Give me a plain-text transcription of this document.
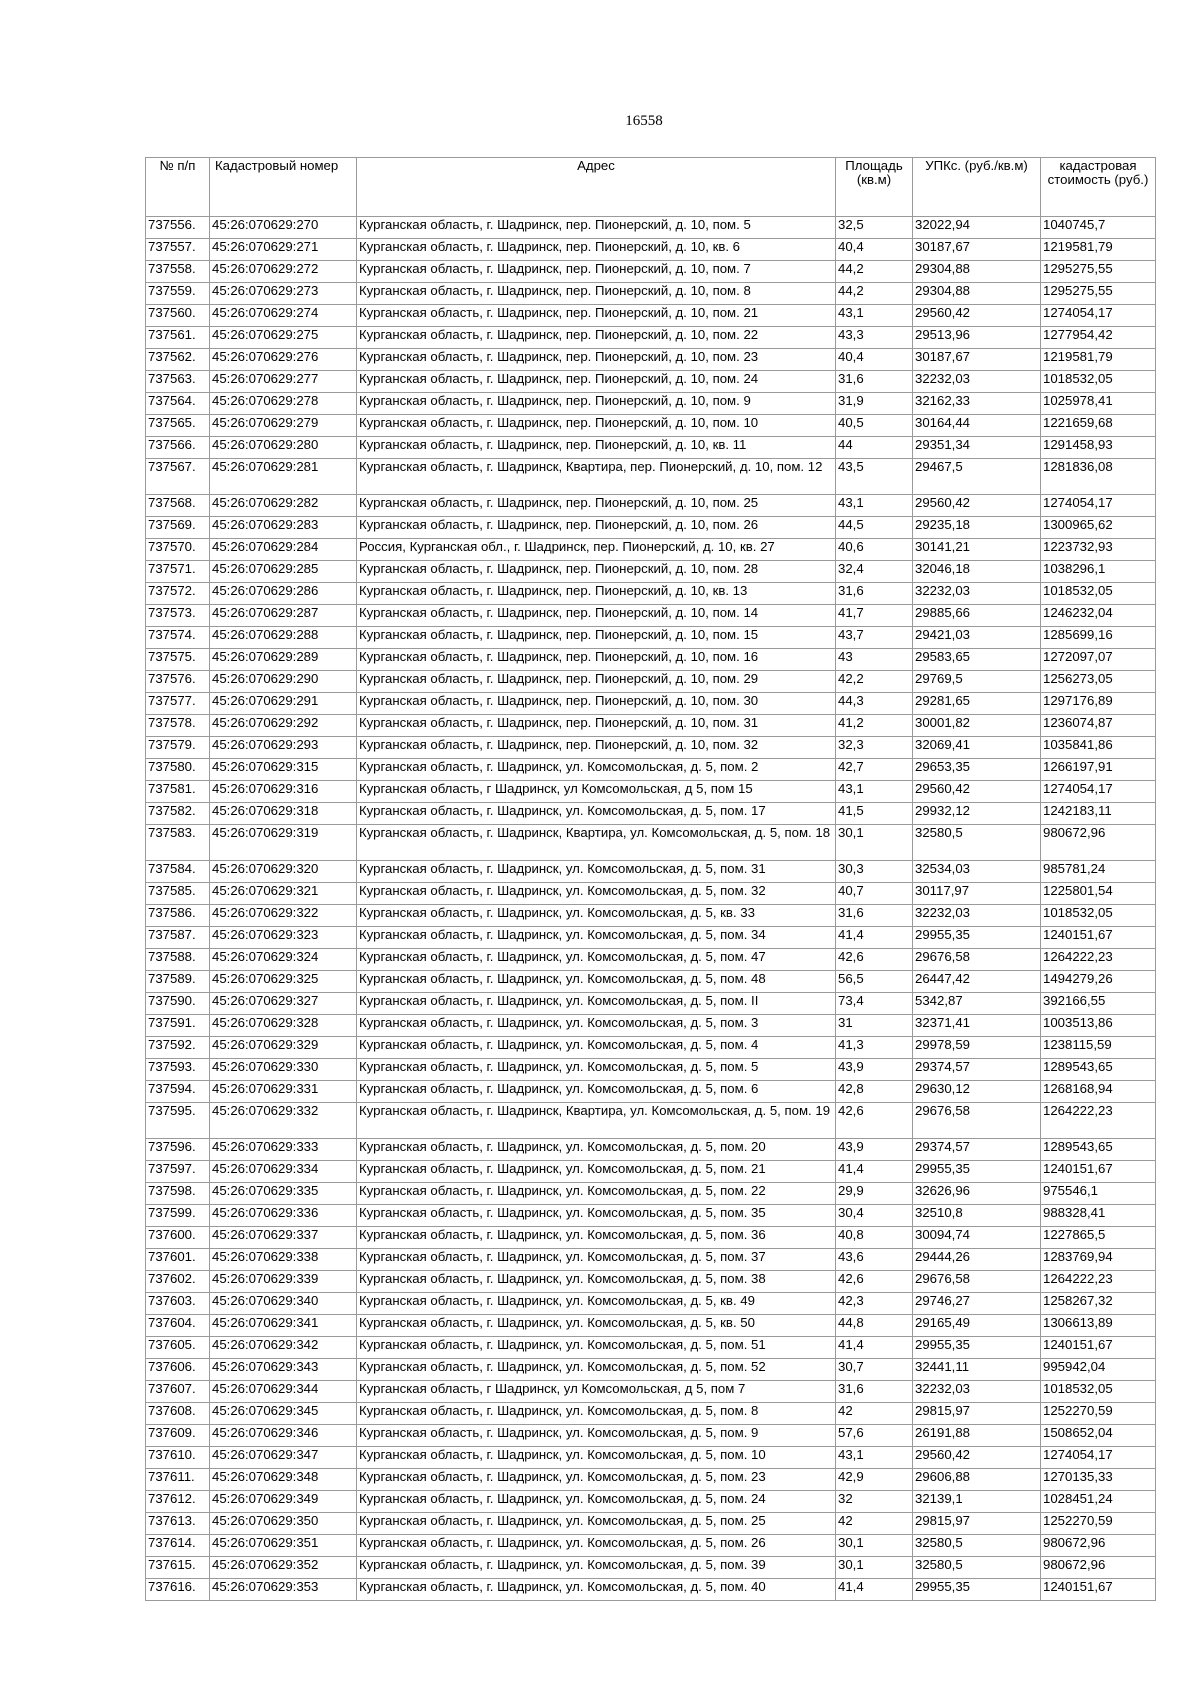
16558
№ п/п	Кадастровый номер	Адрес	Площадь (кв.м)	УПКс. (руб./кв.м)	кадастровая стоимость (руб.)
737556.	45:26:070629:270	Курганская область, г. Шадринск, пер. Пионерский, д. 10, пом. 5	32,5	32022,94	1040745,7
737557.	45:26:070629:271	Курганская область, г. Шадринск, пер. Пионерский, д. 10, кв. 6	40,4	30187,67	1219581,79
737558.	45:26:070629:272	Курганская область, г. Шадринск, пер. Пионерский, д. 10, пом. 7	44,2	29304,88	1295275,55
737559.	45:26:070629:273	Курганская область, г. Шадринск, пер. Пионерский, д. 10, пом. 8	44,2	29304,88	1295275,55
737560.	45:26:070629:274	Курганская область, г. Шадринск, пер. Пионерский, д. 10, пом. 21	43,1	29560,42	1274054,17
737561.	45:26:070629:275	Курганская область, г. Шадринск, пер. Пионерский, д. 10, пом. 22	43,3	29513,96	1277954,42
737562.	45:26:070629:276	Курганская область, г. Шадринск, пер. Пионерский, д. 10, пом. 23	40,4	30187,67	1219581,79
737563.	45:26:070629:277	Курганская область, г. Шадринск, пер. Пионерский, д. 10, пом. 24	31,6	32232,03	1018532,05
737564.	45:26:070629:278	Курганская область, г. Шадринск, пер. Пионерский, д. 10, пом. 9	31,9	32162,33	1025978,41
737565.	45:26:070629:279	Курганская область, г. Шадринск, пер. Пионерский, д. 10, пом. 10	40,5	30164,44	1221659,68
737566.	45:26:070629:280	Курганская область, г. Шадринск, пер. Пионерский, д. 10, кв. 11	44	29351,34	1291458,93
737567.	45:26:070629:281	Курганская область, г. Шадринск, Квартира, пер. Пионерский, д. 10, пом. 12	43,5	29467,5	1281836,08
737568.	45:26:070629:282	Курганская область, г. Шадринск, пер. Пионерский, д. 10, пом. 25	43,1	29560,42	1274054,17
737569.	45:26:070629:283	Курганская область, г. Шадринск, пер. Пионерский, д. 10, пом. 26	44,5	29235,18	1300965,62
737570.	45:26:070629:284	Россия, Курганская обл., г. Шадринск, пер. Пионерский, д. 10, кв. 27	40,6	30141,21	1223732,93
737571.	45:26:070629:285	Курганская область, г. Шадринск, пер. Пионерский, д. 10, пом. 28	32,4	32046,18	1038296,1
737572.	45:26:070629:286	Курганская область, г. Шадринск, пер. Пионерский, д. 10, кв. 13	31,6	32232,03	1018532,05
737573.	45:26:070629:287	Курганская область, г. Шадринск, пер. Пионерский, д. 10, пом. 14	41,7	29885,66	1246232,04
737574.	45:26:070629:288	Курганская область, г. Шадринск, пер. Пионерский, д. 10, пом. 15	43,7	29421,03	1285699,16
737575.	45:26:070629:289	Курганская область, г. Шадринск, пер. Пионерский, д. 10, пом. 16	43	29583,65	1272097,07
737576.	45:26:070629:290	Курганская область, г. Шадринск, пер. Пионерский, д. 10, пом. 29	42,2	29769,5	1256273,05
737577.	45:26:070629:291	Курганская область, г. Шадринск, пер. Пионерский, д. 10, пом. 30	44,3	29281,65	1297176,89
737578.	45:26:070629:292	Курганская область, г. Шадринск, пер. Пионерский, д. 10, пом. 31	41,2	30001,82	1236074,87
737579.	45:26:070629:293	Курганская область, г. Шадринск, пер. Пионерский, д. 10, пом. 32	32,3	32069,41	1035841,86
737580.	45:26:070629:315	Курганская область, г. Шадринск, ул. Комсомольская, д. 5, пом. 2	42,7	29653,35	1266197,91
737581.	45:26:070629:316	Курганская область, г Шадринск, ул Комсомольская, д 5, пом 15	43,1	29560,42	1274054,17
737582.	45:26:070629:318	Курганская область, г. Шадринск, ул. Комсомольская, д. 5, пом. 17	41,5	29932,12	1242183,11
737583.	45:26:070629:319	Курганская область, г. Шадринск, Квартира, ул. Комсомольская, д. 5, пом. 18	30,1	32580,5	980672,96
737584.	45:26:070629:320	Курганская область, г. Шадринск, ул. Комсомольская, д. 5, пом. 31	30,3	32534,03	985781,24
737585.	45:26:070629:321	Курганская область, г. Шадринск, ул. Комсомольская, д. 5, пом. 32	40,7	30117,97	1225801,54
737586.	45:26:070629:322	Курганская область, г. Шадринск, ул. Комсомольская, д. 5, кв. 33	31,6	32232,03	1018532,05
737587.	45:26:070629:323	Курганская область, г. Шадринск, ул. Комсомольская, д. 5, пом. 34	41,4	29955,35	1240151,67
737588.	45:26:070629:324	Курганская область, г. Шадринск, ул. Комсомольская, д. 5, пом. 47	42,6	29676,58	1264222,23
737589.	45:26:070629:325	Курганская область, г. Шадринск, ул. Комсомольская, д. 5, пом. 48	56,5	26447,42	1494279,26
737590.	45:26:070629:327	Курганская область, г. Шадринск, ул. Комсомольская, д. 5, пом. II	73,4	5342,87	392166,55
737591.	45:26:070629:328	Курганская область, г. Шадринск, ул. Комсомольская, д. 5, пом. 3	31	32371,41	1003513,86
737592.	45:26:070629:329	Курганская область, г. Шадринск, ул. Комсомольская, д. 5, пом. 4	41,3	29978,59	1238115,59
737593.	45:26:070629:330	Курганская область, г. Шадринск, ул. Комсомольская, д. 5, пом. 5	43,9	29374,57	1289543,65
737594.	45:26:070629:331	Курганская область, г. Шадринск, ул. Комсомольская, д. 5, пом. 6	42,8	29630,12	1268168,94
737595.	45:26:070629:332	Курганская область, г. Шадринск, Квартира, ул. Комсомольская, д. 5, пом. 19	42,6	29676,58	1264222,23
737596.	45:26:070629:333	Курганская область, г. Шадринск, ул. Комсомольская, д. 5, пом. 20	43,9	29374,57	1289543,65
737597.	45:26:070629:334	Курганская область, г. Шадринск, ул. Комсомольская, д. 5, пом. 21	41,4	29955,35	1240151,67
737598.	45:26:070629:335	Курганская область, г. Шадринск, ул. Комсомольская, д. 5, пом. 22	29,9	32626,96	975546,1
737599.	45:26:070629:336	Курганская область, г. Шадринск, ул. Комсомольская, д. 5, пом. 35	30,4	32510,8	988328,41
737600.	45:26:070629:337	Курганская область, г. Шадринск, ул. Комсомольская, д. 5, пом. 36	40,8	30094,74	1227865,5
737601.	45:26:070629:338	Курганская область, г. Шадринск, ул. Комсомольская, д. 5, пом. 37	43,6	29444,26	1283769,94
737602.	45:26:070629:339	Курганская область, г. Шадринск, ул. Комсомольская, д. 5, пом. 38	42,6	29676,58	1264222,23
737603.	45:26:070629:340	Курганская область, г. Шадринск, ул. Комсомольская, д. 5, кв. 49	42,3	29746,27	1258267,32
737604.	45:26:070629:341	Курганская область, г. Шадринск, ул. Комсомольская, д. 5, кв. 50	44,8	29165,49	1306613,89
737605.	45:26:070629:342	Курганская область, г. Шадринск, ул. Комсомольская, д. 5, пом. 51	41,4	29955,35	1240151,67
737606.	45:26:070629:343	Курганская область, г. Шадринск, ул. Комсомольская, д. 5, пом. 52	30,7	32441,11	995942,04
737607.	45:26:070629:344	Курганская область, г Шадринск, ул Комсомольская, д 5, пом 7	31,6	32232,03	1018532,05
737608.	45:26:070629:345	Курганская область, г. Шадринск, ул. Комсомольская, д. 5, пом. 8	42	29815,97	1252270,59
737609.	45:26:070629:346	Курганская область, г. Шадринск, ул. Комсомольская, д. 5, пом. 9	57,6	26191,88	1508652,04
737610.	45:26:070629:347	Курганская область, г. Шадринск, ул. Комсомольская, д. 5, пом. 10	43,1	29560,42	1274054,17
737611.	45:26:070629:348	Курганская область, г. Шадринск, ул. Комсомольская, д. 5, пом. 23	42,9	29606,88	1270135,33
737612.	45:26:070629:349	Курганская область, г. Шадринск, ул. Комсомольская, д. 5, пом. 24	32	32139,1	1028451,24
737613.	45:26:070629:350	Курганская область, г. Шадринск, ул. Комсомольская, д. 5, пом. 25	42	29815,97	1252270,59
737614.	45:26:070629:351	Курганская область, г. Шадринск, ул. Комсомольская, д. 5, пом. 26	30,1	32580,5	980672,96
737615.	45:26:070629:352	Курганская область, г. Шадринск, ул. Комсомольская, д. 5, пом. 39	30,1	32580,5	980672,96
737616.	45:26:070629:353	Курганская область, г. Шадринск, ул. Комсомольская, д. 5, пом. 40	41,4	29955,35	1240151,67
